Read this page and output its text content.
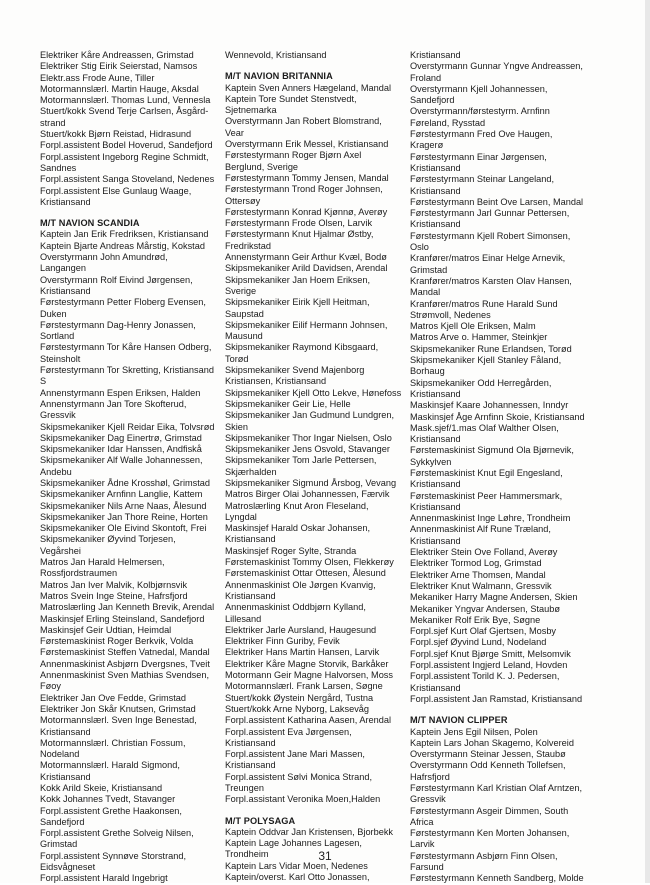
Elektriker Kåre Andreassen, Grimstad
Elektriker Stig Eirik Seierstad, Namsos
Elektr.ass Frode Aune, Tiller
Motormannslærl. Martin Hauge, Aksdal
Motormannslærl. Thomas Lund, Vennesla
Stuert/kokk Svend Terje Carlsen, Åsgård-
strand
Stuert/kokk Bjørn Reistad, Hidrasund
Forpl.assistent Bodel Hoverud, Sandefjord
Forpl.assistent Ingeborg Regine Schmidt,
Sandnes
Forpl.assistent Sanga Stoveland, Nedenes
Forpl.assistent Else Gunlaug Waage,
Kristiansand
M/T NAVION SCANDIA
Kaptein Jan Erik Fredriksen, Kristiansand
Kaptein Bjarte Andreas Mårstig, Kokstad
Overstyrmann John Amundrød,
Langangen
Overstyrmann Rolf Eivind Jørgensen,
Kristiansand
Førstestyrmann Petter Floberg Evensen,
Duken
Førstestyrmann Dag-Henry Jonassen,
Sortland
Førstestyrmann Tor Kåre Hansen Odberg,
Steinsholt
Førstestyrmann Tor Skretting, Kristiansand
S
Annenstyrmann Espen Eriksen, Halden
Annenstyrmann Jan Tore Skofterud,
Gressvik
Skipsmekaniker Kjell Reidar Eika, Tolvsrød
Skipsmekaniker Dag Einertrø, Grimstad
Skipsmekaniker Idar Hanssen, Andfiskå
Skipsmekaniker Alf Walle Johannessen,
Andebu
Skipsmekaniker Ådne Krosshøl, Grimstad
Skipsmekaniker Arnfinn Langlie, Kattem
Skipsmekaniker Nils Arne Naas, Ålesund
Skipsmekaniker Jan Thore Reine, Horten
Skipsmekaniker Ole Eivind Skontoft, Frei
Skipsmekaniker Øyvind Torjesen,
Vegårshei
Matros Jan Harald Helmersen,
Rossfjordstraumen
Matros Jan Iver Malvik, Kolbjørnsvik
Matros Svein Inge Steine, Hafrsfjord
Matroslærling Jan Kenneth Brevik, Arendal
Maskinsjef Erling Steinsland, Sandefjord
Maskinsjef Geir Udtian, Heimdal
Førstemaskinist Roger Berkvik, Volda
Førstemaskinist Steffen Vatnedal, Mandal
Annenmaskinist Asbjørn Dvergsnes, Tveit
Annenmaskinist Sven Mathias Svendsen,
Føoy
Elektriker Jan Ove Fedde, Grimstad
Elektriker Jon Skår Knutsen, Grimstad
Motormannslærl. Sven Inge Benestad,
Kristiansand
Motormannslærl. Christian Fossum,
Nodeland
Motormannslærl. Harald Sigmond,
Kristiansand
Kokk Arild Skeie, Kristiansand
Kokk Johannes Tvedt, Stavanger
Forpl.assistent Grethe Haakonsen,
Sandefjord
Forpl.assistent Grethe Solveig Nilsen,
Grimstad
Forpl.assistent Synnøve Storstrand,
Eidsvågneset
Forpl.assistent Harald Ingebrigt
Wennevold, Kristiansand
M/T NAVION BRITANNIA
Kaptein Sven Anners Hægeland, Mandal
Kaptein Tore Sundet Stenstvedt,
Sjetnemarka
Overstyrmann Jan Robert Blomstrand,
Vear
Overstyrmann Erik Messel, Kristiansand
Førstestyrmann Roger Bjørn Axel
Berglund, Sverige
Førstestyrmann Tommy Jensen, Mandal
Førstestyrmann Trond Roger Johnsen,
Ottersøy
Førstestyrmann Konrad Kjønnø, Averøy
Førstestyrmann Frode Olsen, Larvik
Førstestyrmann Knut Hjalmar Østby,
Fredrikstad
Annenstyrmann Geir Arthur Kvæl, Bodø
Skipsmekaniker Arild Davidsen, Arendal
Skipsmekaniker Jan Hoem Eriksen,
Sverige
Skipsmekaniker Eirik Kjell Heitman,
Saupstad
Skipsmekaniker Eilif Hermann Johnsen,
Mausund
Skipsmekaniker Raymond Kibsgaard,
Torød
Skipsmekaniker Svend Majenborg
Kristiansen, Kristiansand
Skipsmekaniker Kjell Otto Lekve, Hønefoss
Skipsmekaniker Geir Lie, Helle
Skipsmekaniker Jan Gudmund Lundgren,
Skien
Skipsmekaniker Thor Ingar Nielsen, Oslo
Skipsmekaniker Jens Osvold, Stavanger
Skipsmekaniker Tom Jarle Pettersen,
Skjærhalden
Skipsmekaniker Sigmund Årsbog, Vevang
Matros Birger Olai Johannessen, Færvik
Matroslærling Knut Aron Fleseland,
Lyngdal
Maskinsjef Harald Oskar Johansen,
Kristiansand
Maskinsjef Roger Sylte, Stranda
Førstemaskinist Tommy Olsen, Flekkerøy
Førstemaskinist Ottar Ottesen, Ålesund
Annenmaskinist Ole Jørgen Kvanvig,
Kristiansand
Annenmaskinist Oddbjørn Kylland,
Lillesand
Elektriker Jarle Aursland, Haugesund
Elektriker Finn Guriby, Fevik
Elektriker Hans Martin Hansen, Larvik
Elektriker Kåre Magne Storvik, Barkåker
Motormann Geir Magne Halvorsen, Moss
Motormannslærl. Frank Larsen, Søgne
Stuert/kokk Øystein Nergård, Tustna
Stuert/kokk Arne Nyborg, Laksevåg
Forpl.assistent Katharina Aasen, Arendal
Forpl.assistent Eva Jørgensen,
Kristiansand
Forpl.assistent Jane Mari Massen,
Kristiansand
Forpl.assistent Sølvi Monica Strand,
Treungen
Forpl.assistant Veronika Moen,Halden
M/T POLYSAGA
Kaptein Oddvar Jan Kristensen, Bjorbekk
Kaptein Lage Johannes Lagesen,
Trondheim
Kaptein Lars Vidar Moen, Nedenes
Kaptein/overst. Karl Otto Jonassen,
Kristiansand
Overstyrmann Gunnar Yngve Andreassen,
Froland
Overstyrmann Kjell Johannessen,
Sandefjord
Overstyrmann/førstestyrm. Arnfinn
Føreland, Rysstad
Førstestyrmann Fred Ove Haugen,
Kragerø
Førstestyrmann Einar Jørgensen,
Kristiansand
Førstestyrmann Steinar Langeland,
Kristiansand
Førstestyrmann Beint Ove Larsen, Mandal
Førstestyrmann Jarl Gunnar Pettersen,
Kristiansand
Førstestyrmann Kjell Robert Simonsen,
Oslo
Kranfører/matros Einar Helge Arnevik,
Grimstad
Kranfører/matros Karsten Olav Hansen,
Mandal
Kranfører/matros Rune Harald Sund
Strømvoll, Nedenes
Matros Kjell Ole Eriksen, Malm
Matros Arve o. Hammer, Steinkjer
Skipsmekaniker Rune Erlandsen, Torød
Skipsmekaniker Kjell Stanley Fåland,
Borhaug
Skipsmekaniker Odd Herregården,
Kristiansand
Maskinsjef Kaare Johannessen, Inndyr
Maskinsjef Åge Arnfinn Skoie, Kristiansand
Mask.sjef/1.mas Olaf Walther Olsen,
Kristiansand
Førstemaskinist Sigmund Ola Bjørnevik,
Sykkylven
Førstemaskinist Knut Egil Engesland,
Kristiansand
Førstemaskinist Peer Hammersmark,
Kristiansand
Annenmaskinist Inge Løhre, Trondheim
Annenmaskinist Alf Rune Træland,
Kristiansand
Elektriker Stein Ove Folland, Averøy
Elektriker Tormod Log, Grimstad
Elektriker Arne Thomsen, Mandal
Elektriker Knut Walmann, Gressvik
Mekaniker Harry Magne Andersen, Skien
Mekaniker Yngvar Andersen, Staubø
Mekaniker Rolf Erik Bye, Søgne
Forpl.sjef Kurt Olaf Gjertsen, Mosby
Forpl.sjef Øyvind Lund, Nodeland
Forpl.sjef Knut Bjørge Smitt, Melsomvik
Forpl.assistent Ingjerd Leland, Hovden
Forpl.assistent Torild K. J. Pedersen,
Kristiansand
Forpl.assistent Jan Ramstad, Kristiansand
M/T NAVION CLIPPER
Kaptein Jens Egil Nilsen, Polen
Kaptein Lars Johan Skagemo, Kolvereid
Overstyrmann Steinar Jessen, Staubø
Overstyrmann Odd Kenneth Tollefsen,
Hafrsfjord
Førstestyrmann Karl Kristian Olaf Arntzen,
Gressvik
Førstestyrmann Asgeir Dimmen, South
Africa
Førstestyrmann Ken Morten Johansen,
Larvik
Førstestyrmann Asbjørn Finn Olsen,
Farsund
Førstestyrmann Kenneth Sandberg, Molde
31
